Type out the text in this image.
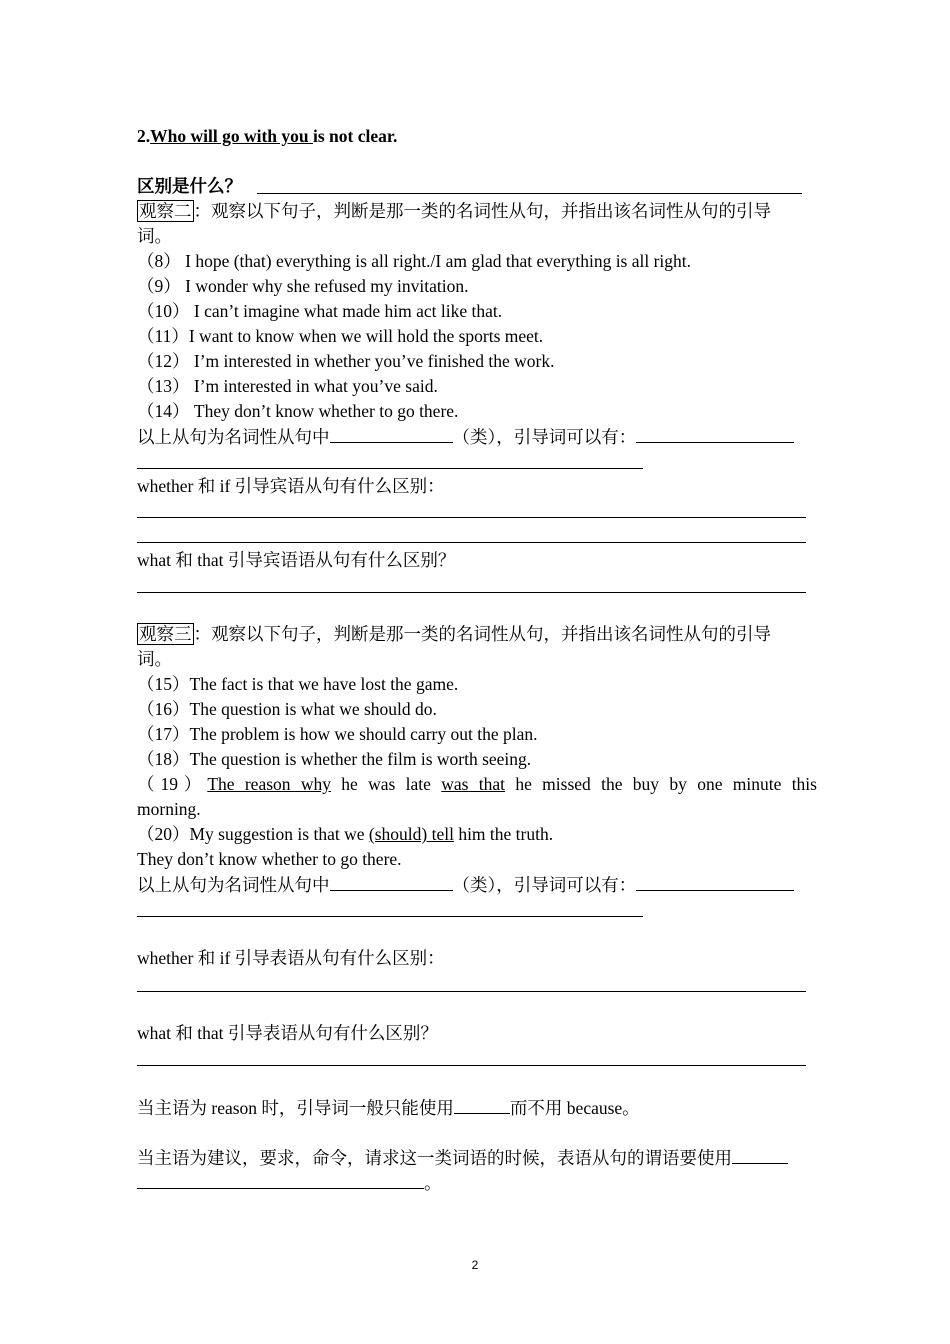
2.Who will go with you is not clear.
区别是什么？
观察二 ：观察以下句子，判断是那一类的名词性从句，并指出该名词性从句的引导
词。
（8） I hope (that) everything is all right./I am glad that everything is all right.
（9） I wonder why she refused my invitation.
（10） I can’t imagine what made him act like that.
（11）I want to know when we will hold the sports meet.
（12） I’m interested in whether you’ve finished the work.
（13） I’m interested in what you’ve said.
（14） They don’t know whether to go there.
以上从句为名词性从句中	（类），引导词可以有：
whether 和 if 引导宾语从句有什么区别：
what 和 that 引导宾语语从句有什么区别？
观察三 ：观察以下句子，判断是那一类的名词性从句，并指出该名词性从句的引导
词。
（15）The fact is that we have lost the game.
（16）The question is what we should do.
（17）The problem is how we should carry out the plan.
（18）The question is whether the film is worth seeing.
（19）The reason why he was late was that he missed the buy by one minute this
morning.
（20）My suggestion is that we (should) tell him the truth.
They don’t know whether to go there.
以上从句为名词性从句中	（类），引导词可以有：
whether 和 if 引导表语从句有什么区别：
what 和 that 引导表语从句有什么区别？
当主语为 reason 时，引导词一般只能使用	而不用 because。
当主语为建议，要求，命令，请求这一类词语的时候，表语从句的谓语要使用
。
2
